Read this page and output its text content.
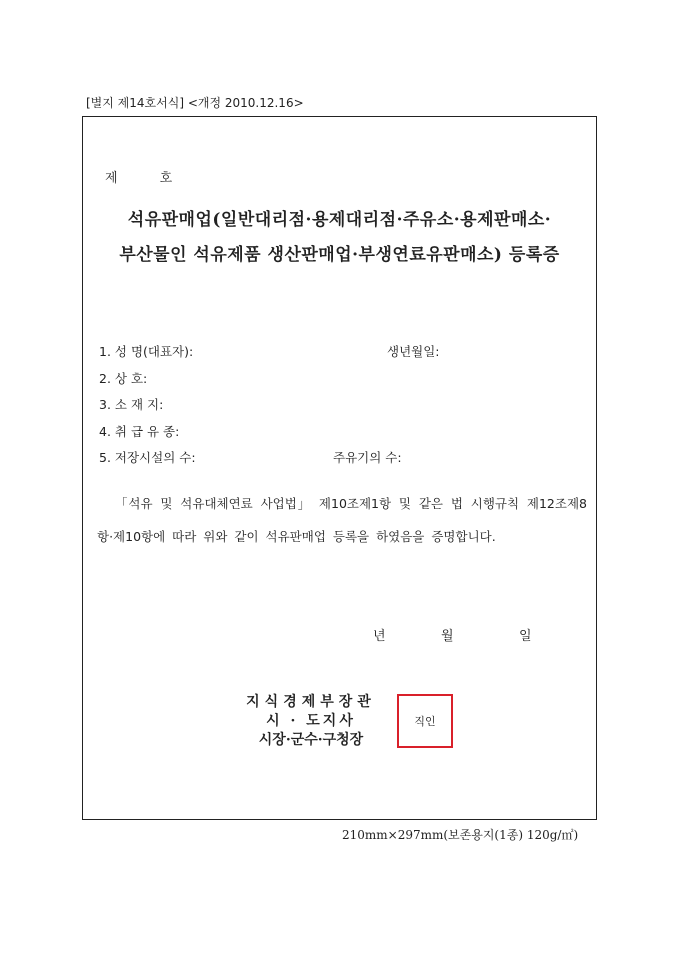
[별지 제14호서식] <개정 2010.12.16>
제	호
석유판매업(일반대리점·용제대리점·주유소·용제판매소·
부산물인 석유제품 생산판매업·부생연료유판매소) 등록증
1. 성 명(대표자):	생년월일:
2. 상 호:
3. 소 재 지:
4. 취 급 유 종:
5. 저장시설의 수:	주유기의 수:

「석유 및 석유대체연료 사업법」 제10조제1항 및 같은 법 시행규칙 제12조제8항·제10항에 따라 위와 같이 석유판매업 등록을 하였음을 증명합니다.

년	월	일
지식경제부장관
시 · 도지사
시장·군수·구청장
직인
210mm×297mm(보존용지(1종) 120g/㎡)
